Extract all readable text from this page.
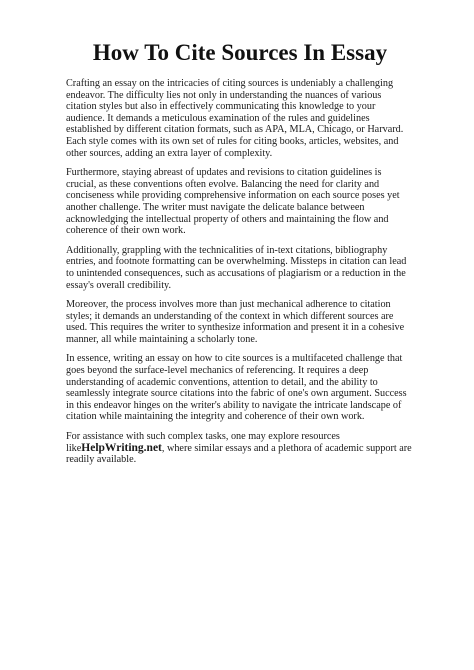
How To Cite Sources In Essay

Crafting an essay on the intricacies of citing sources is undeniably a challenging endeavor. The difficulty lies not only in understanding the nuances of various citation styles but also in effectively communicating this knowledge to your audience. It demands a meticulous examination of the rules and guidelines established by different citation formats, such as APA, MLA, Chicago, or Harvard. Each style comes with its own set of rules for citing books, articles, websites, and other sources, adding an extra layer of complexity.

Furthermore, staying abreast of updates and revisions to citation guidelines is crucial, as these conventions often evolve. Balancing the need for clarity and conciseness while providing comprehensive information on each source poses yet another challenge. The writer must navigate the delicate balance between acknowledging the intellectual property of others and maintaining the flow and coherence of their own work.

Additionally, grappling with the technicalities of in-text citations, bibliography entries, and footnote formatting can be overwhelming. Missteps in citation can lead to unintended consequences, such as accusations of plagiarism or a reduction in the essay's overall credibility.

Moreover, the process involves more than just mechanical adherence to citation styles; it demands an understanding of the context in which different sources are used. This requires the writer to synthesize information and present it in a cohesive manner, all while maintaining a scholarly tone.

In essence, writing an essay on how to cite sources is a multifaceted challenge that goes beyond the surface-level mechanics of referencing. It requires a deep understanding of academic conventions, attention to detail, and the ability to seamlessly integrate source citations into the fabric of one's own argument. Success in this endeavor hinges on the writer's ability to navigate the intricate landscape of citation while maintaining the integrity and coherence of their own work.

For assistance with such complex tasks, one may explore resources likeHelpWriting.net, where similar essays and a plethora of academic support are readily available.
